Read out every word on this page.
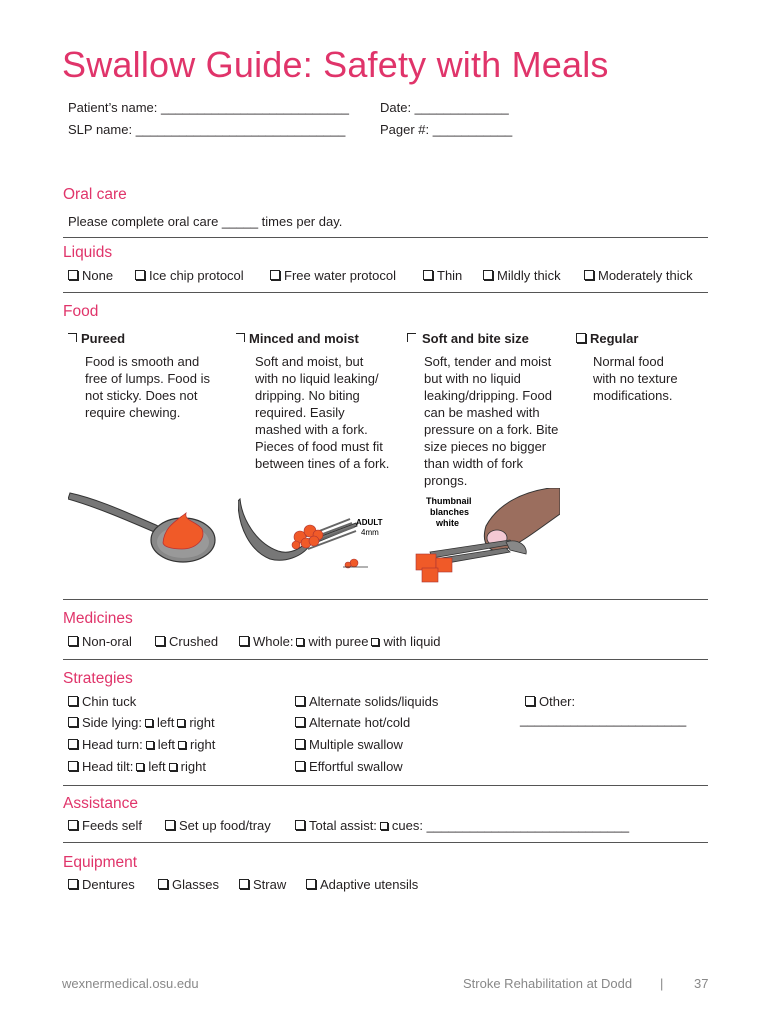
Swallow Guide: Safety with Meals
Patient’s name: __________________________ Date: _____________
SLP name: _____________________________	Pager #: ___________
Oral care
Please complete oral care _____ times per day.
Liquids
None	Ice chip protocol	Free water protocol	Thin	Mildly thick	Moderately thick
Food
Pureed
Food is smooth and
free of lumps. Food is
not sticky. Does not
require chewing.
Minced and moist
Soft and moist, but
with no liquid leaking/
dripping. No biting
required. Easily
mashed with a fork.
Pieces of food must fit
between tines of a fork.
Soft and bite size
Soft, tender and moist
but with no liquid
leaking/dripping. Food
can be mashed with
pressure on a fork. Bite
size pieces no bigger
than width of fork
prongs.
Regular
Normal food
with no texture
modifications.
ADULT
4mm
Thumbnail
blanches
white
Medicines
Non-oral	Crushed	Whole: with puree with liquid
Strategies
Chin tuck
Side lying: left right
Head turn: left right
Head tilt: left right
Alternate solids/liquids
Alternate hot/cold
Multiple swallow
Effortful swallow
Other:
_______________________
Assistance
Feeds self	Set up food/tray	Total assist: cues: ____________________________
Equipment
Dentures	Glasses	Straw	Adaptive utensils
wexnermedical.osu.edu	Stroke Rehabilitation at Dodd | 37
